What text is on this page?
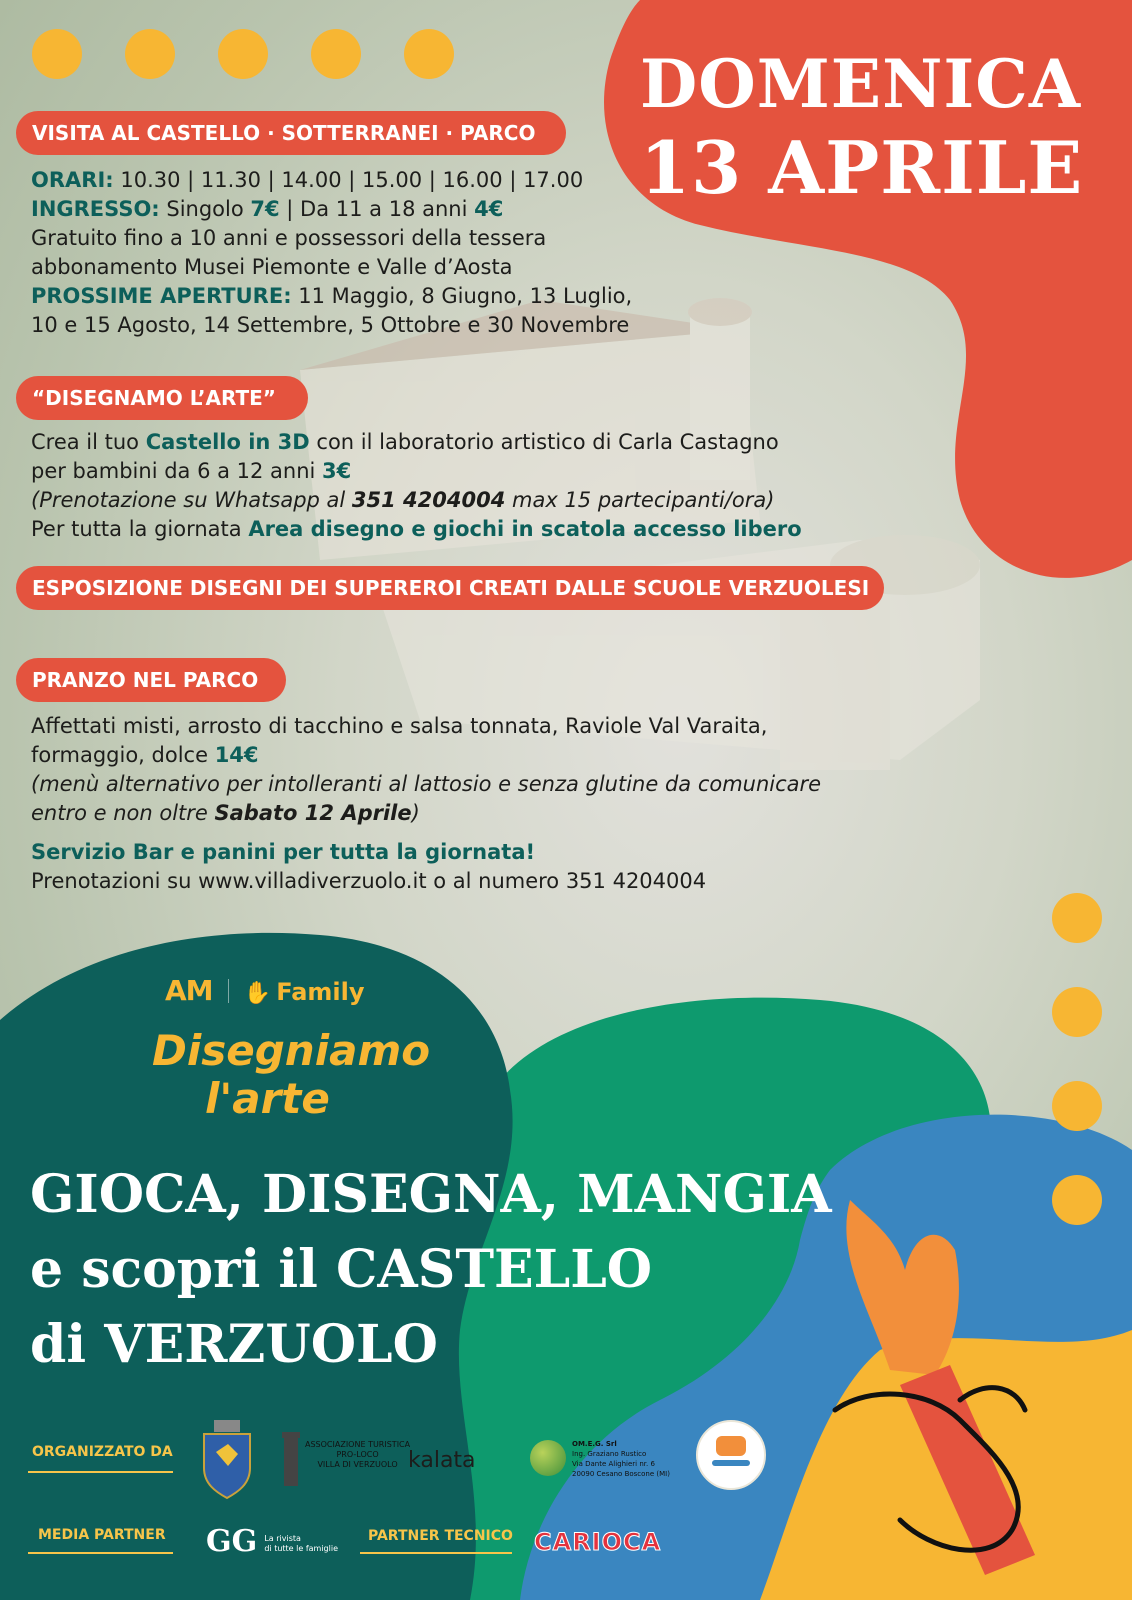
DOMENICA
13 APRILE
VISITA AL CASTELLO · SOTTERRANEI · PARCO

ORARI: 10.30 | 11.30 | 14.00 | 15.00 | 16.00 | 17.00

INGRESSO: Singolo 7€ | Da 11 a 18 anni 4€

Gratuito fino a 10 anni e possessori della tessera

abbonamento Musei Piemonte e Valle d’Aosta

PROSSIME APERTURE: 11 Maggio, 8 Giugno, 13 Luglio,

10 e 15 Agosto, 14 Settembre, 5 Ottobre e 30 Novembre

“DISEGNAMO L’ARTE”

Crea il tuo Castello in 3D con il laboratorio artistico di Carla Castagno

per bambini da 6 a 12 anni 3€

(Prenotazione su Whatsapp al 351 4204004 max 15 partecipanti/ora)

Per tutta la giornata Area disegno e giochi in scatola accesso libero

ESPOSIZIONE DISEGNI DEI SUPEREROI CREATI DALLE SCUOLE VERZUOLESI
PRANZO NEL PARCO

Affettati misti, arrosto di tacchino e salsa tonnata, Raviole Val Varaita,

formaggio, dolce 14€

(menù alternativo per intolleranti al lattosio e senza glutine da comunicare

entro e non oltre Sabato 12 Aprile)

Servizio Bar e panini per tutta la giornata!

Prenotazioni su www.villadiverzuolo.it o al numero 351 4204004

AM ✋ Family
Disegniamo
l'arte
GIOCA, DISEGNA, MANGIA
e scopri il CASTELLO
di VERZUOLO
ORGANIZZATO DA
MEDIA PARTNER	PARTNER TECNICO
ASSOCIAZIONE TURISTICA
PRO-LOCO
VILLA DI VERZUOLO kalata
OM.E.G. Srl
Ing. Graziano Rustico
Via Dante Alighieri nr. 6
20090 Cesano Boscone (MI)
GG La rivista
di tutte le famiglie	CARIOCA
